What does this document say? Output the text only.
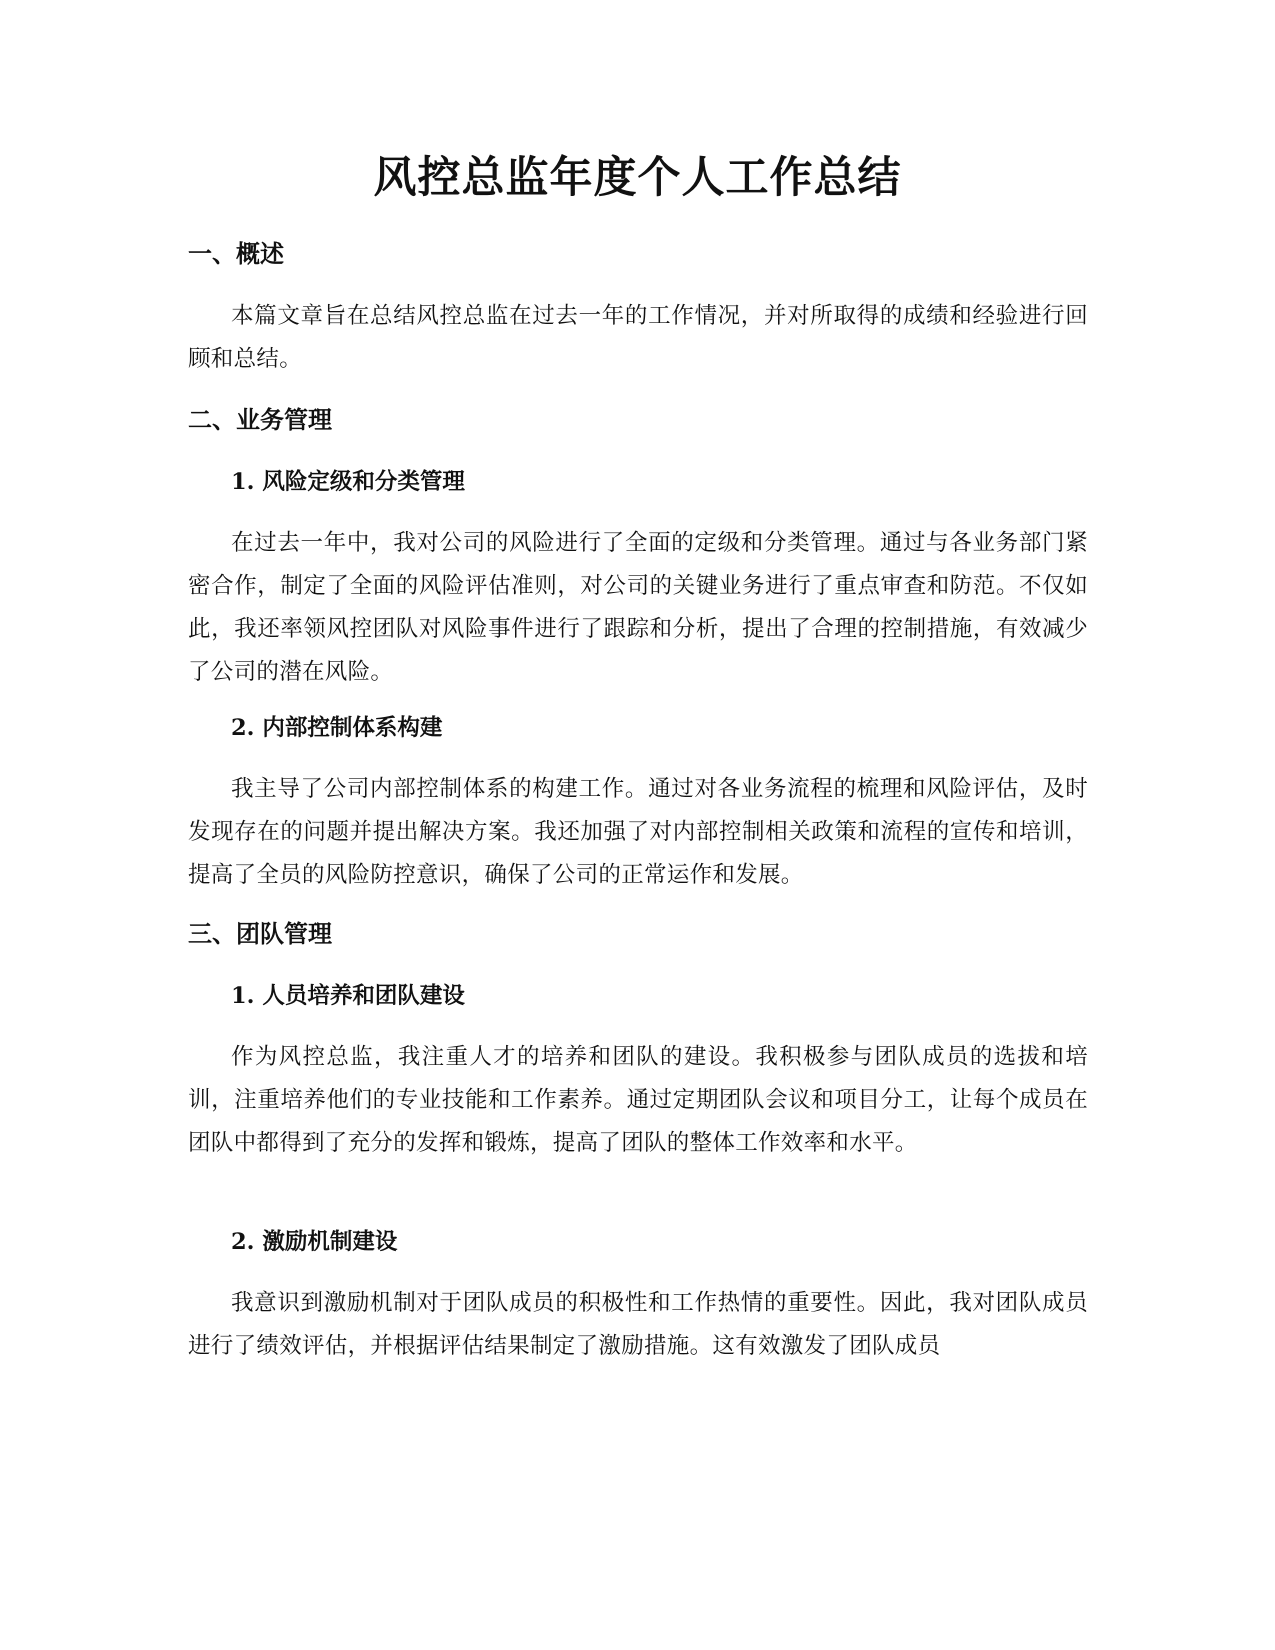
风控总监年度个人工作总结
一、概述

本篇文章旨在总结风控总监在过去一年的工作情况，并对所取得的成绩和经验进行回顾和总结。

二、业务管理
1. 风险定级和分类管理

在过去一年中，我对公司的风险进行了全面的定级和分类管理。通过与各业务部门紧密合作，制定了全面的风险评估准则，对公司的关键业务进行了重点审查和防范。不仅如此，我还率领风控团队对风险事件进行了跟踪和分析，提出了合理的控制措施，有效减少了公司的潜在风险。

2. 内部控制体系构建

我主导了公司内部控制体系的构建工作。通过对各业务流程的梳理和风险评估，及时发现存在的问题并提出解决方案。我还加强了对内部控制相关政策和流程的宣传和培训，提高了全员的风险防控意识，确保了公司的正常运作和发展。

三、团队管理
1. 人员培养和团队建设

作为风控总监，我注重人才的培养和团队的建设。我积极参与团队成员的选拔和培训，注重培养他们的专业技能和工作素养。通过定期团队会议和项目分工，让每个成员在团队中都得到了充分的发挥和锻炼，提高了团队的整体工作效率和水平。

2. 激励机制建设

我意识到激励机制对于团队成员的积极性和工作热情的重要性。因此，我对团队成员进行了绩效评估，并根据评估结果制定了激励措施。这有效激发了团队成员
